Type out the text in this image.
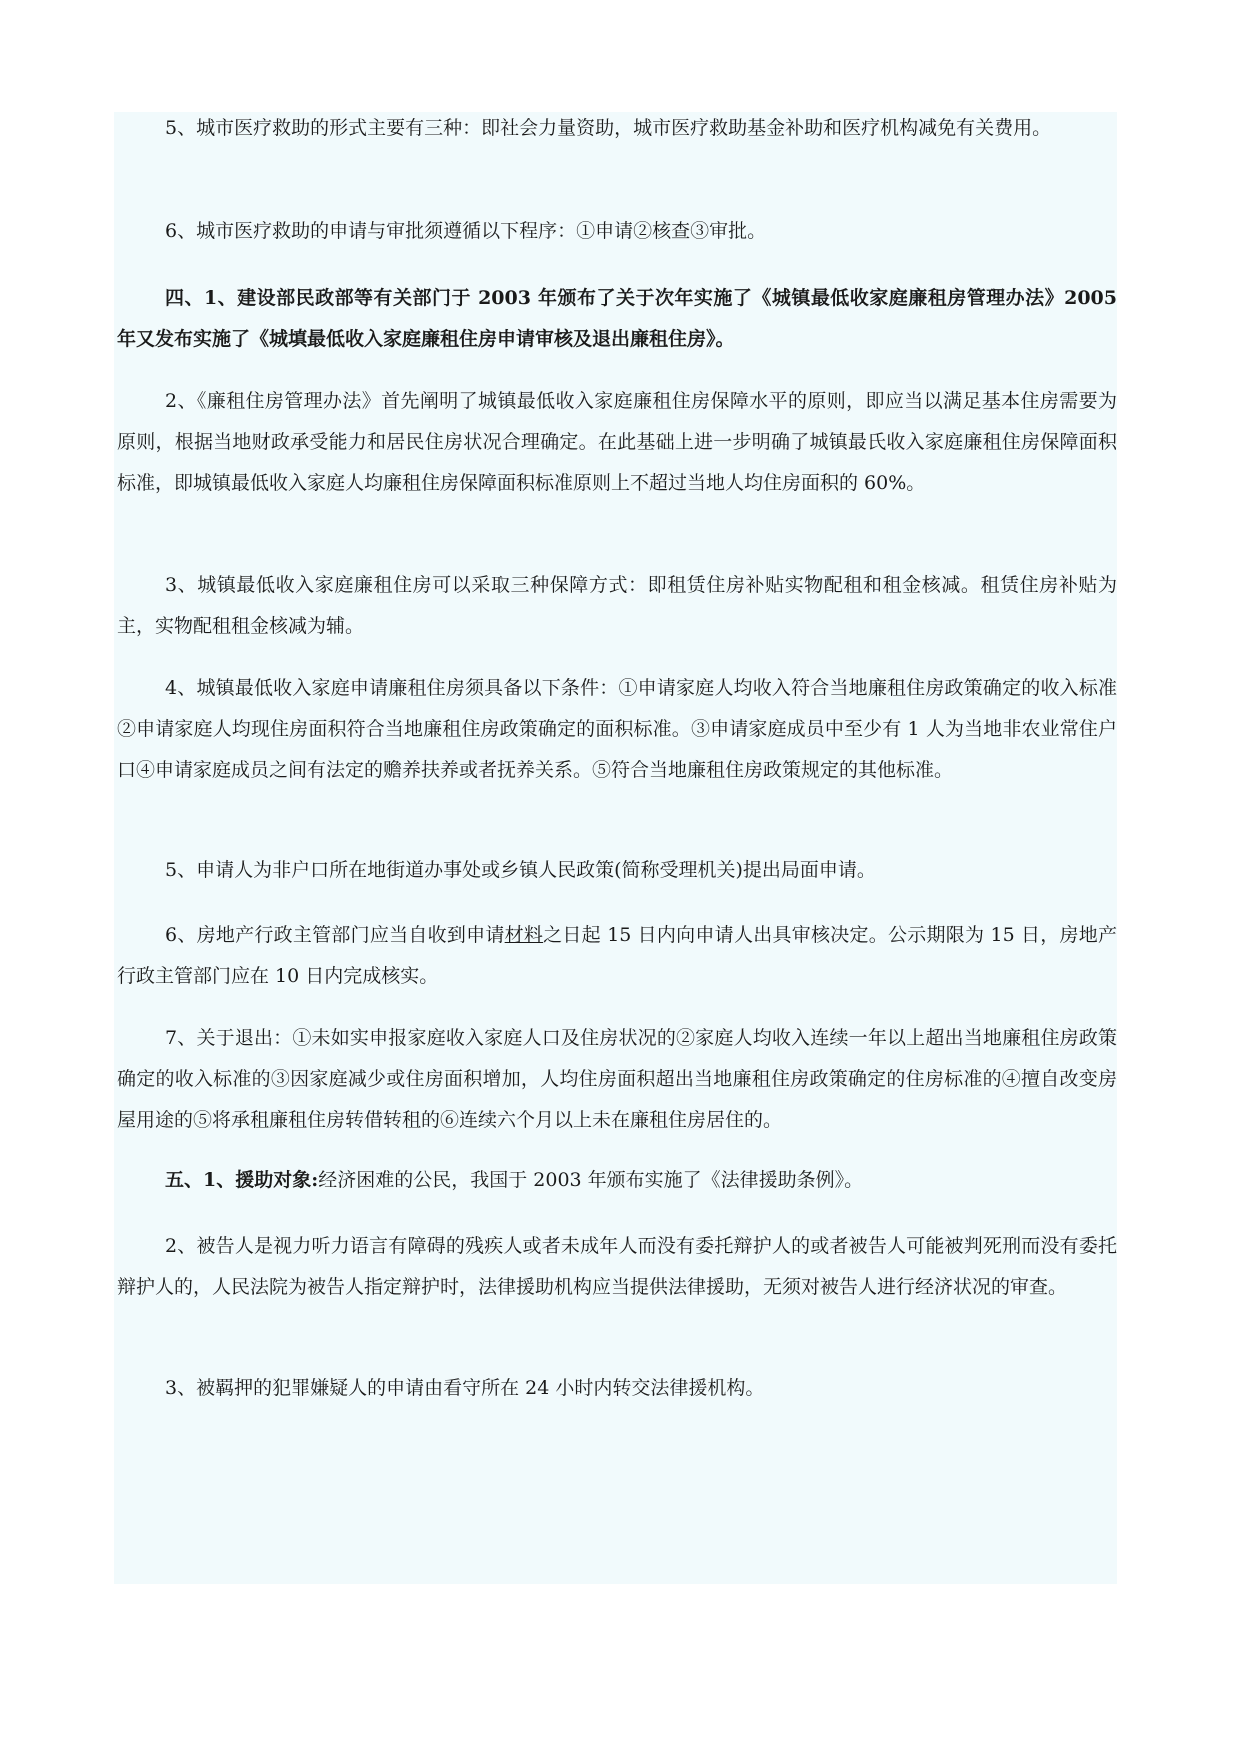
5、城市医疗救助的形式主要有三种：即社会力量资助，城市医疗救助基金补助和医疗机构减免有关费用。

6、城市医疗救助的申请与审批须遵循以下程序：①申请②核查③审批。

四、1、建设部民政部等有关部门于 2003 年颁布了关于次年实施了《城镇最低收家庭廉租房管理办法》2005 年又发布实施了《城填最低收入家庭廉租住房申请审核及退出廉租住房》。

2、《廉租住房管理办法》首先阐明了城镇最低收入家庭廉租住房保障水平的原则，即应当以满足基本住房需要为原则，根据当地财政承受能力和居民住房状况合理确定。在此基础上进一步明确了城镇最氏收入家庭廉租住房保障面积标准，即城镇最低收入家庭人均廉租住房保障面积标准原则上不超过当地人均住房面积的 60%。

3、城镇最低收入家庭廉租住房可以采取三种保障方式：即租赁住房补贴实物配租和租金核减。租赁住房补贴为主，实物配租租金核减为辅。

4、城镇最低收入家庭申请廉租住房须具备以下条件：①申请家庭人均收入符合当地廉租住房政策确定的收入标准②申请家庭人均现住房面积符合当地廉租住房政策确定的面积标准。③申请家庭成员中至少有 1 人为当地非农业常住户口④申请家庭成员之间有法定的赡养扶养或者抚养关系。⑤符合当地廉租住房政策规定的其他标准。

5、申请人为非户口所在地街道办事处或乡镇人民政策(简称受理机关)提出局面申请。

6、房地产行政主管部门应当自收到申请材料之日起 15 日内向申请人出具审核决定。公示期限为 15 日，房地产行政主管部门应在 10 日内完成核实。

7、关于退出：①未如实申报家庭收入家庭人口及住房状况的②家庭人均收入连续一年以上超出当地廉租住房政策确定的收入标准的③因家庭减少或住房面积增加，人均住房面积超出当地廉租住房政策确定的住房标准的④擅自改变房屋用途的⑤将承租廉租住房转借转租的⑥连续六个月以上未在廉租住房居住的。

五、1、援助对象:经济困难的公民，我国于 2003 年颁布实施了《法律援助条例》。

2、被告人是视力听力语言有障碍的残疾人或者未成年人而没有委托辩护人的或者被告人可能被判死刑而没有委托辩护人的，人民法院为被告人指定辩护时，法律援助机构应当提供法律援助，无须对被告人进行经济状况的审查。

3、被羁押的犯罪嫌疑人的申请由看守所在 24 小时内转交法律援机构。
